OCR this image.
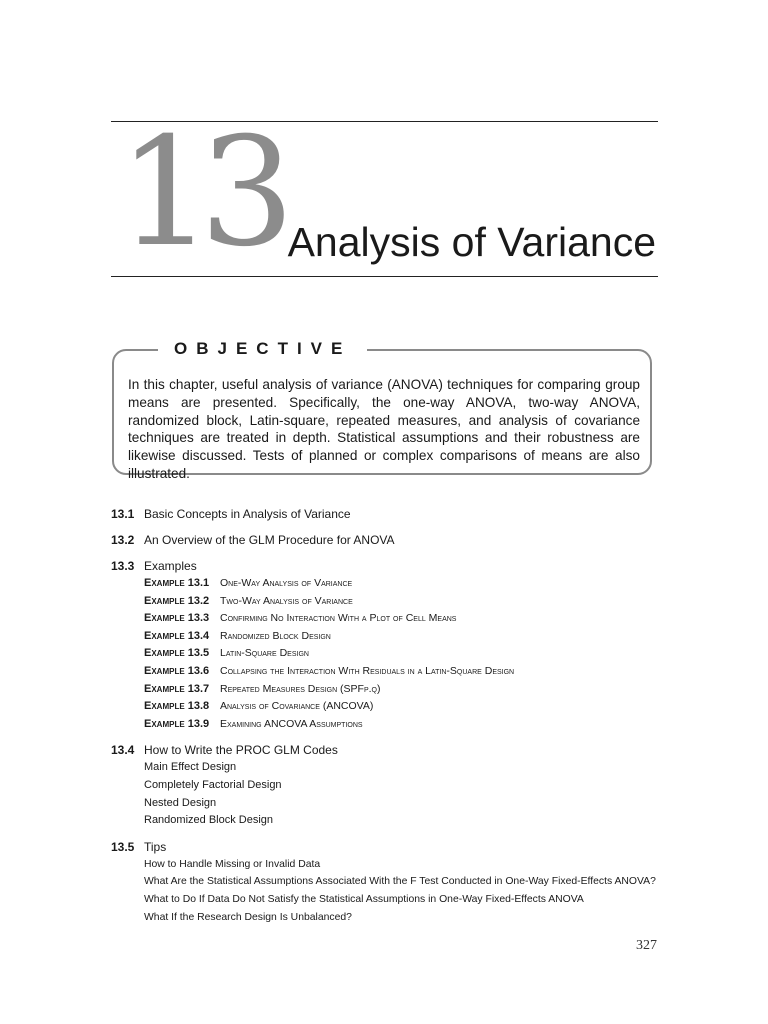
13 Analysis of Variance
OBJECTIVE

In this chapter, useful analysis of variance (ANOVA) techniques for comparing group means are presented. Specifically, the one-way ANOVA, two-way ANOVA, randomized block, Latin-square, repeated measures, and analysis of covariance techniques are treated in depth. Statistical assumptions and their robustness are likewise discussed. Tests of planned or complex comparisons of means are also illustrated.

13.1 Basic Concepts in Analysis of Variance
13.2 An Overview of the GLM Procedure for ANOVA
13.3 Examples
Example 13.1	One-Way Analysis of Variance
Example 13.2	Two-Way Analysis of Variance
Example 13.3	Confirming No Interaction With a Plot of Cell Means
Example 13.4	Randomized Block Design
Example 13.5	Latin-Square Design
Example 13.6	Collapsing the Interaction With Residuals in a Latin-Square Design
Example 13.7	Repeated Measures Design (SPFp.q)
Example 13.8	Analysis of Covariance (ANCOVA)
Example 13.9	Examining ANCOVA Assumptions
13.4 How to Write the PROC GLM Codes
Main Effect Design
Completely Factorial Design
Nested Design
Randomized Block Design
13.5 Tips
How to Handle Missing or Invalid Data
What Are the Statistical Assumptions Associated With the F Test Conducted in One-Way Fixed-Effects ANOVA?
What to Do If Data Do Not Satisfy the Statistical Assumptions in One-Way Fixed-Effects ANOVA
What If the Research Design Is Unbalanced?
327
